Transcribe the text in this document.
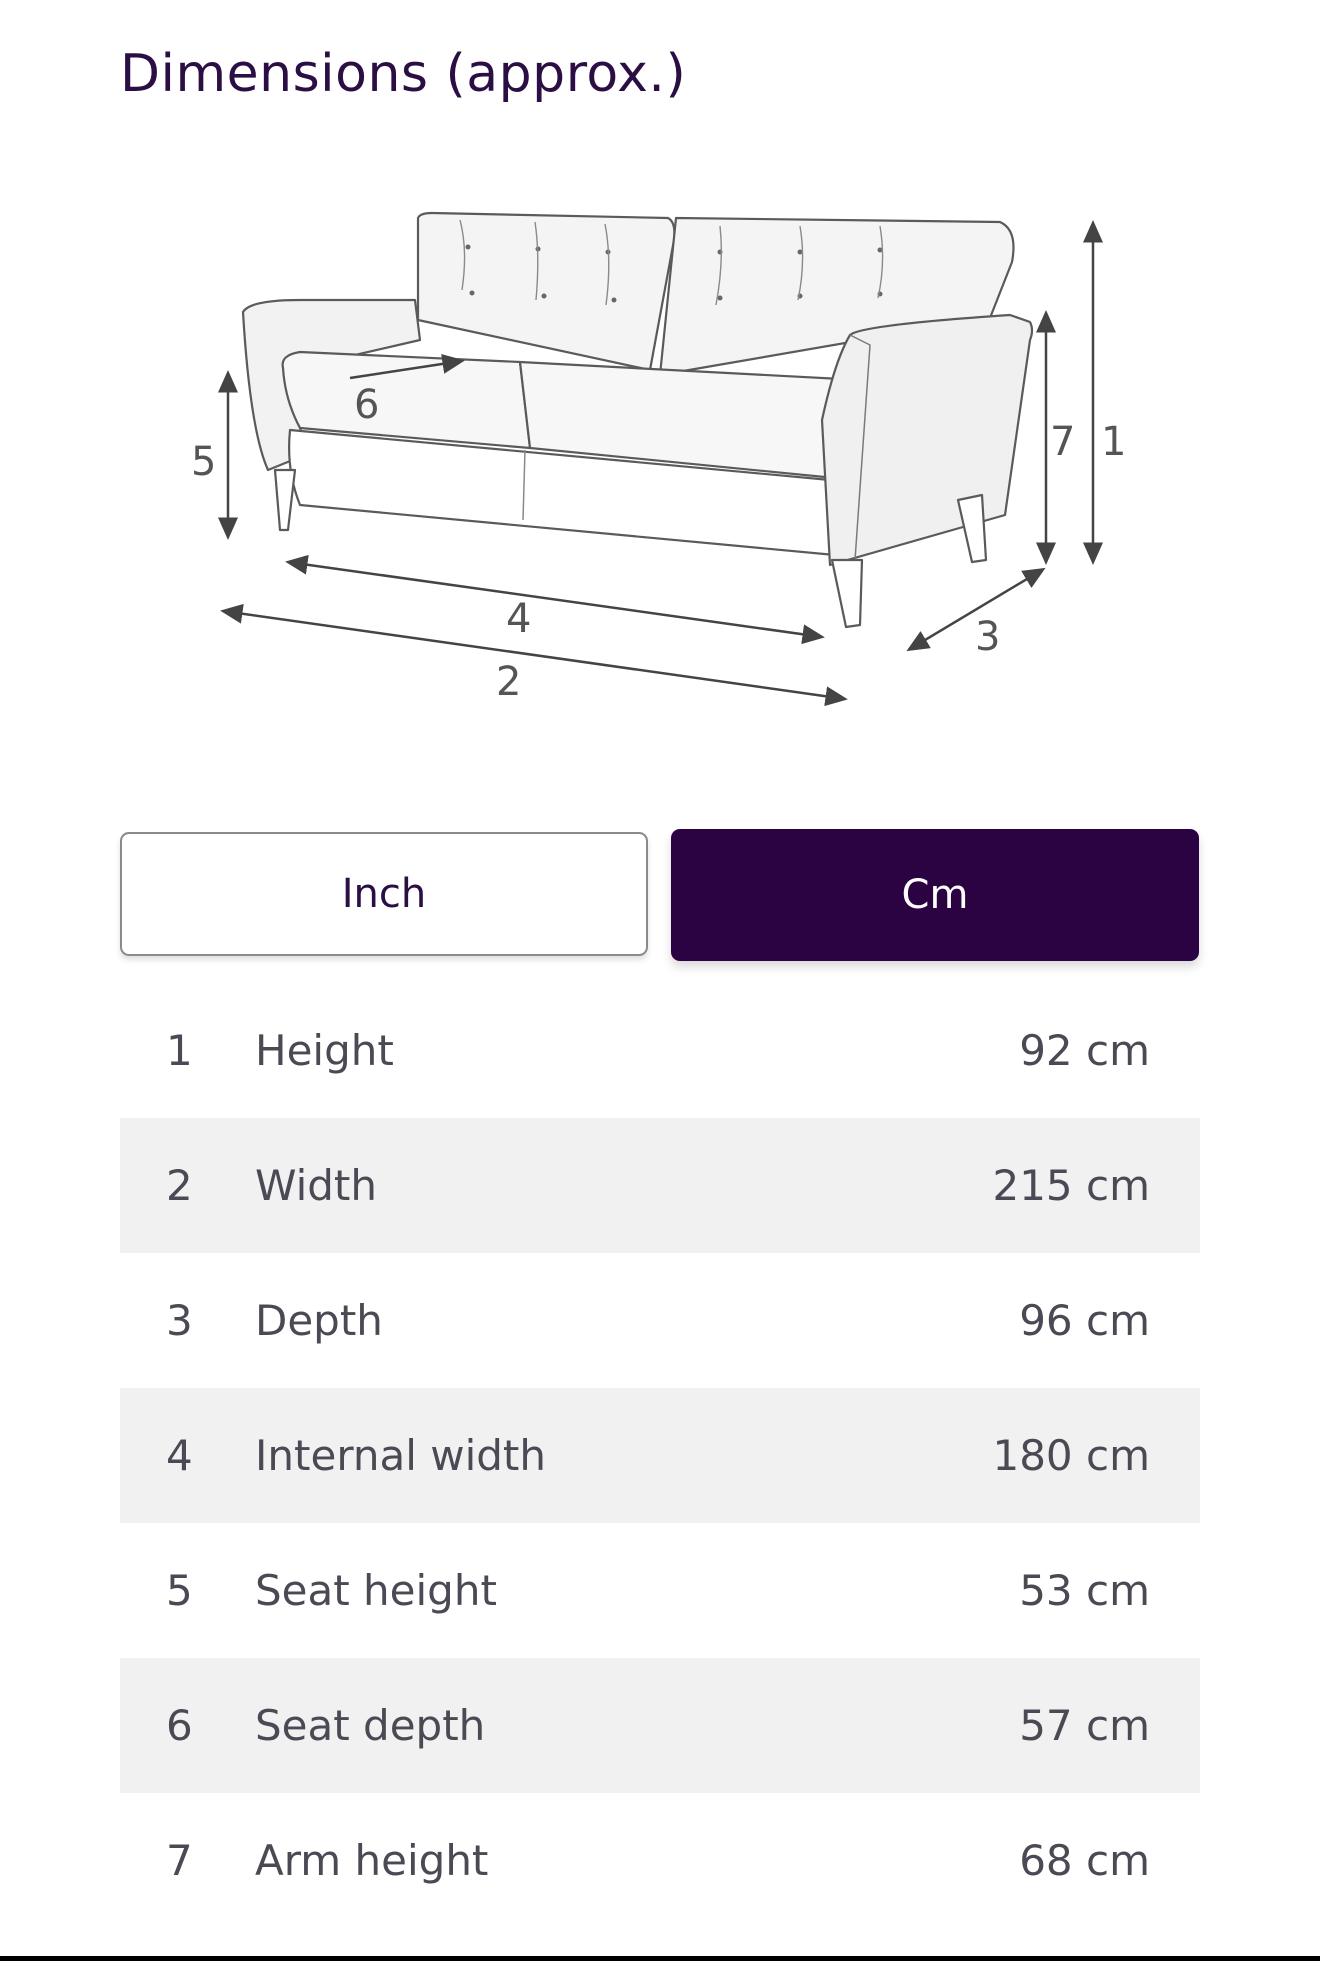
Dimensions (approx.)
1
2
3
4
5
6
7
Inch	Cm
1	Height	92 cm
2	Width	215 cm
3	Depth	96 cm
4	Internal width	180 cm
5	Seat height	53 cm
6	Seat depth	57 cm
7	Arm height	68 cm
